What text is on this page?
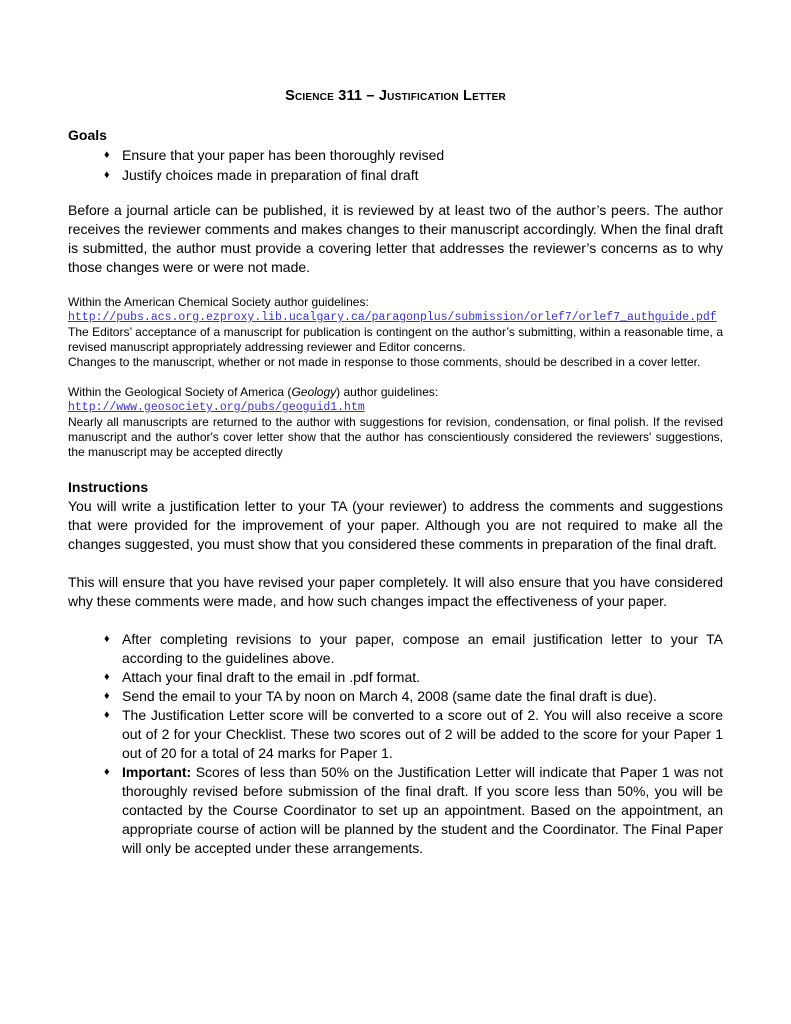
Science 311 – Justification Letter
Goals
♦ Ensure that your paper has been thoroughly revised
♦ Justify choices made in preparation of final draft

Before a journal article can be published, it is reviewed by at least two of the author’s peers. The author receives the reviewer comments and makes changes to their manuscript accordingly. When the final draft is submitted, the author must provide a covering letter that addresses the reviewer’s concerns as to why those changes were or were not made.

Within the American Chemical Society author guidelines:
http://pubs.acs.org.ezproxy.lib.ucalgary.ca/paragonplus/submission/orlef7/orlef7_authguide.pdf
The Editors’ acceptance of a manuscript for publication is contingent on the author’s submitting, within a reasonable time, a revised manuscript appropriately addressing reviewer and Editor concerns.
Changes to the manuscript, whether or not made in response to those comments, should be described in a cover letter.
Within the Geological Society of America (Geology) author guidelines:
http://www.geosociety.org/pubs/geoguid1.htm
Nearly all manuscripts are returned to the author with suggestions for revision, condensation, or final polish. If the revised manuscript and the author's cover letter show that the author has conscientiously considered the reviewers' suggestions, the manuscript may be accepted directly
Instructions

You will write a justification letter to your TA (your reviewer) to address the comments and suggestions that were provided for the improvement of your paper. Although you are not required to make all the changes suggested, you must show that you considered these comments in preparation of the final draft.

This will ensure that you have revised your paper completely. It will also ensure that you have considered why these comments were made, and how such changes impact the effectiveness of your paper.

♦ After completing revisions to your paper, compose an email justification letter to your TA according to the guidelines above.
♦ Attach your final draft to the email in .pdf format.
♦ Send the email to your TA by noon on March 4, 2008 (same date the final draft is due).
♦ The Justification Letter score will be converted to a score out of 2. You will also receive a score out of 2 for your Checklist. These two scores out of 2 will be added to the score for your Paper 1 out of 20 for a total of 24 marks for Paper 1.
♦ Important: Scores of less than 50% on the Justification Letter will indicate that Paper 1 was not thoroughly revised before submission of the final draft. If you score less than 50%, you will be contacted by the Course Coordinator to set up an appointment. Based on the appointment, an appropriate course of action will be planned by the student and the Coordinator. The Final Paper will only be accepted under these arrangements.
